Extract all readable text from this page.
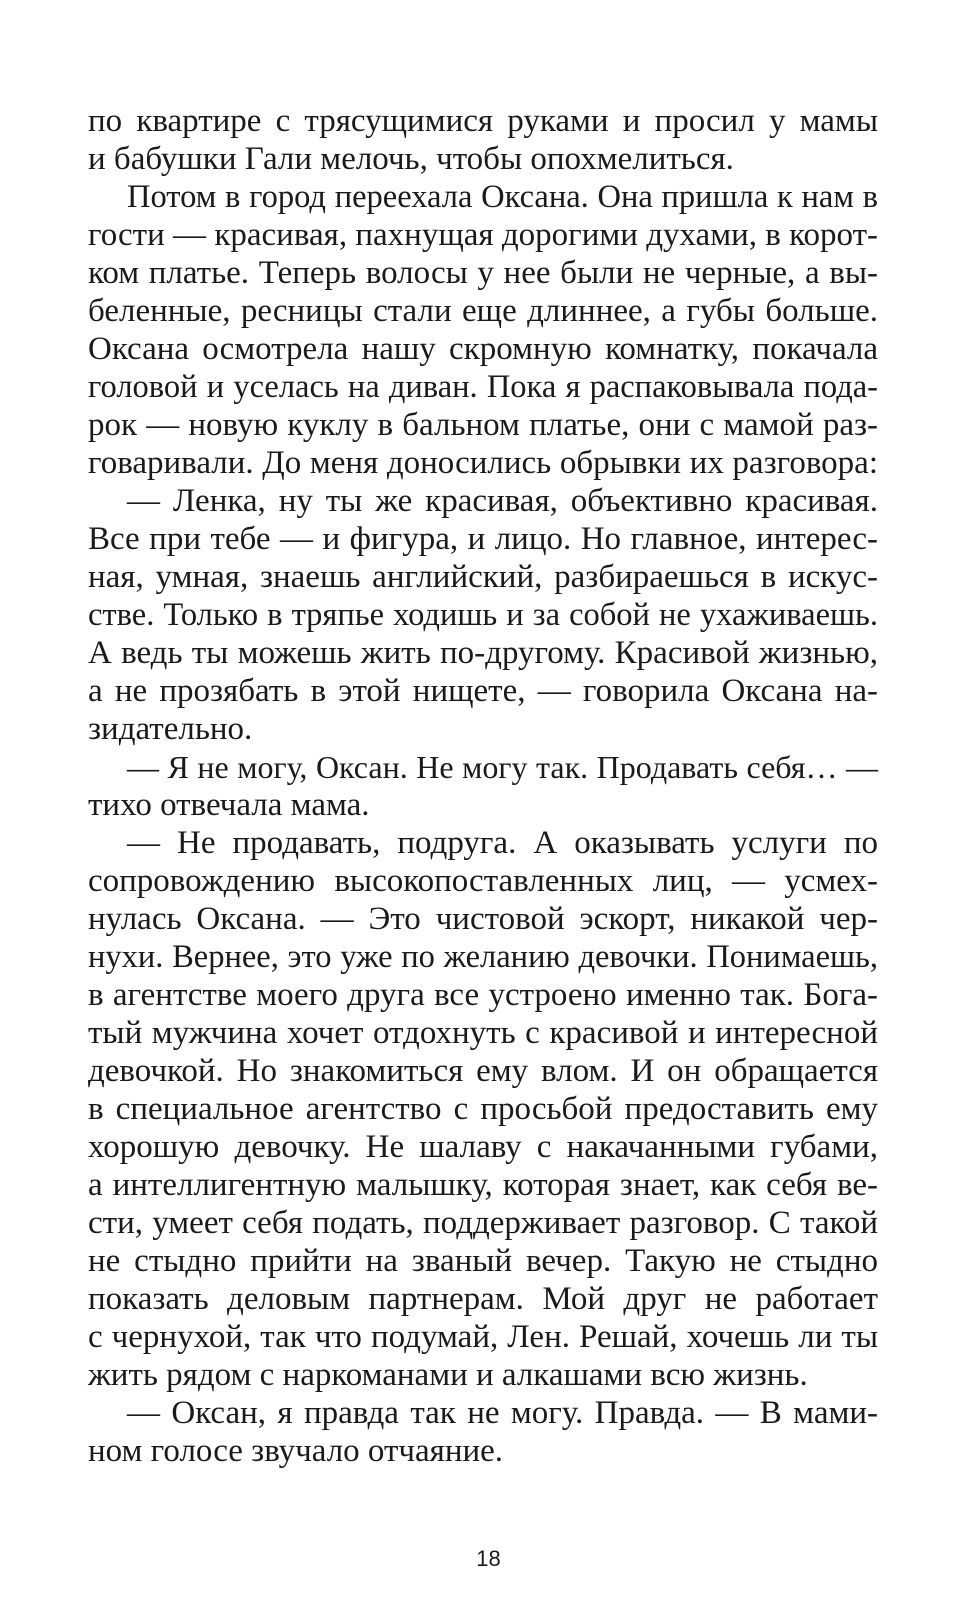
по квартире с трясущимися руками и просил у мамы
и бабушки Гали мелочь, чтобы опохмелиться.
Потом в город переехала Оксана. Она пришла к нам в
гости — красивая, пахнущая дорогими духами, в корот-
ком платье. Теперь волосы у нее были не черные, а вы-
беленные, ресницы стали еще длиннее, а губы больше.
Оксана осмотрела нашу скромную комнатку, покачала
головой и уселась на диван. Пока я распаковывала пода-
рок — новую куклу в бальном платье, они с мамой раз-
говаривали. До меня доносились обрывки их разговора:
— Ленка, ну ты же красивая, объективно красивая.
Все при тебе — и фигура, и лицо. Но главное, интерес-
ная, умная, знаешь английский, разбираешься в искус-
стве. Только в тряпье ходишь и за собой не ухаживаешь.
А ведь ты можешь жить по-другому. Красивой жизнью,
а не прозябать в этой нищете, — говорила Оксана на-
зидательно.
— Я не могу, Оксан. Не могу так. Продавать себя… —
тихо отвечала мама.
— Не продавать, подруга. А оказывать услуги по
сопровождению высокопоставленных лиц, — усмех-
нулась Оксана. — Это чистовой эскорт, никакой чер-
нухи. Вернее, это уже по желанию девочки. Понимаешь,
в агентстве моего друга все устроено именно так. Бога-
тый мужчина хочет отдохнуть с красивой и интересной
девочкой. Но знакомиться ему влом. И он обращается
в специальное агентство с просьбой предоставить ему
хорошую девочку. Не шалаву с накачанными губами,
а интеллигентную малышку, которая знает, как себя ве-
сти, умеет себя подать, поддерживает разговор. С такой
не стыдно прийти на званый вечер. Такую не стыдно
показать деловым партнерам. Мой друг не работает
с чернухой, так что подумай, Лен. Решай, хочешь ли ты
жить рядом с наркоманами и алкашами всю жизнь.
— Оксан, я правда так не могу. Правда. — В мами-
ном голосе звучало отчаяние.
18
